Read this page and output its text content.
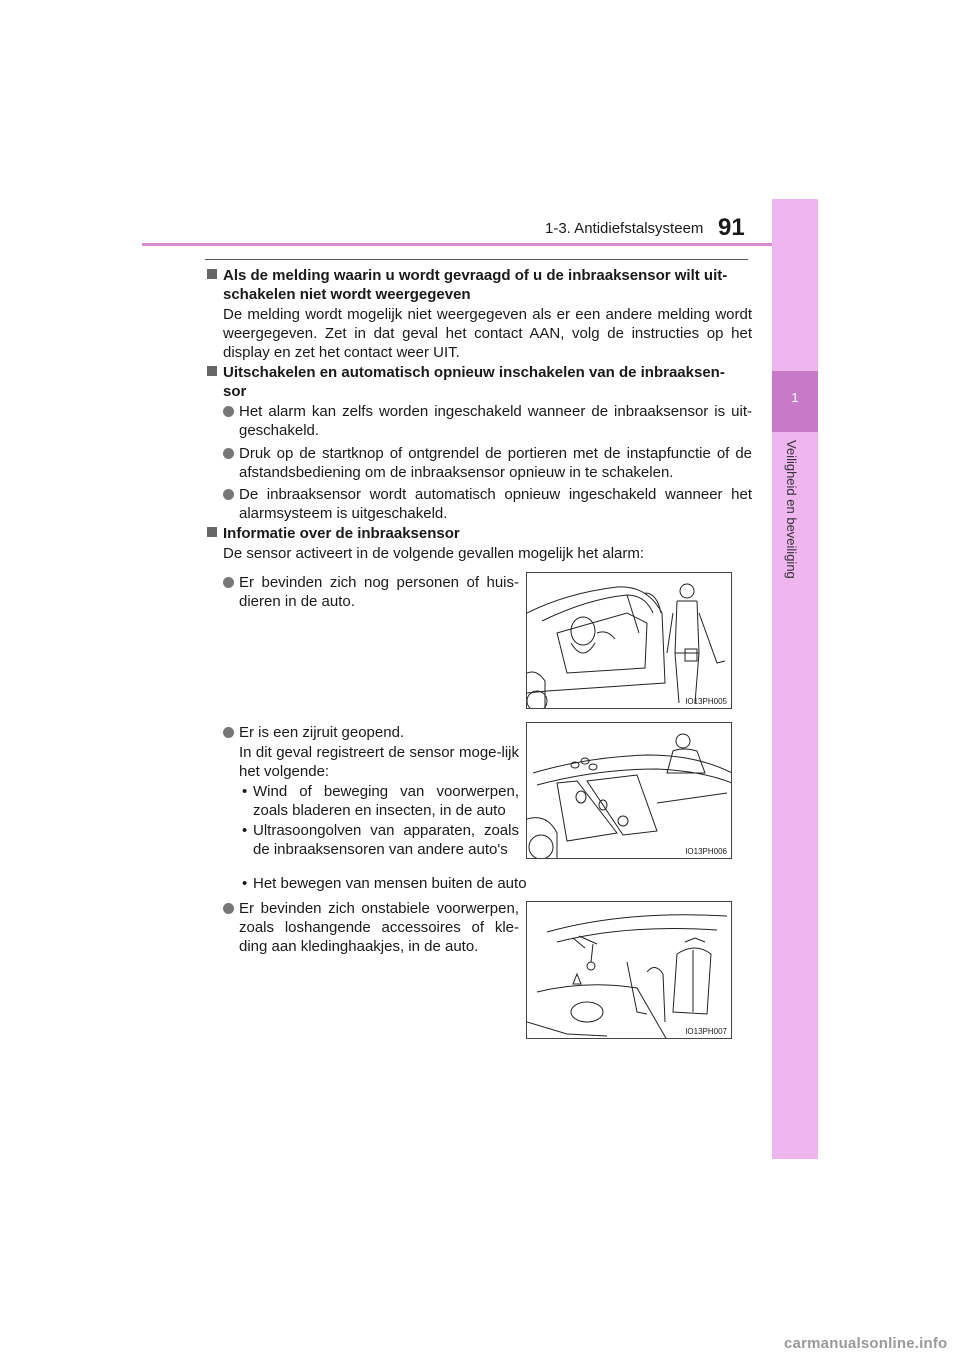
1-3. Antidiefstalsysteem 91
1
Veiligheid en beveiliging
Als de melding waarin u wordt gevraagd of u de inbraaksensor wilt uit-
schakelen niet wordt weergegeven
De melding wordt mogelijk niet weergegeven als er een andere melding wordt weergegeven. Zet in dat geval het contact AAN, volg de instructies op het display en zet het contact weer UIT.
Uitschakelen en automatisch opnieuw inschakelen van de inbraaksen-
sor
Het alarm kan zelfs worden ingeschakeld wanneer de inbraaksensor is uit-geschakeld.
Druk op de startknop of ontgrendel de portieren met de instapfunctie of de afstandsbediening om de inbraaksensor opnieuw in te schakelen.
De inbraaksensor wordt automatisch opnieuw ingeschakeld wanneer het alarmsysteem is uitgeschakeld.
Informatie over de inbraaksensor
De sensor activeert in de volgende gevallen mogelijk het alarm:
Er bevinden zich nog personen of huis-dieren in de auto.
Er is een zijruit geopend.
In dit geval registreert de sensor moge-lijk het volgende:
• Wind of beweging van voorwerpen, zoals bladeren en insecten, in de auto
• Ultrasoongolven van apparaten, zoals de inbraaksensoren van andere auto's
• Het bewegen van mensen buiten de auto
Er bevinden zich onstabiele voorwerpen, zoals loshangende accessoires of kle-ding aan kledinghaakjes, in de auto.
IO13PH005
IO13PH006
IO13PH007
carmanualsonline.info
